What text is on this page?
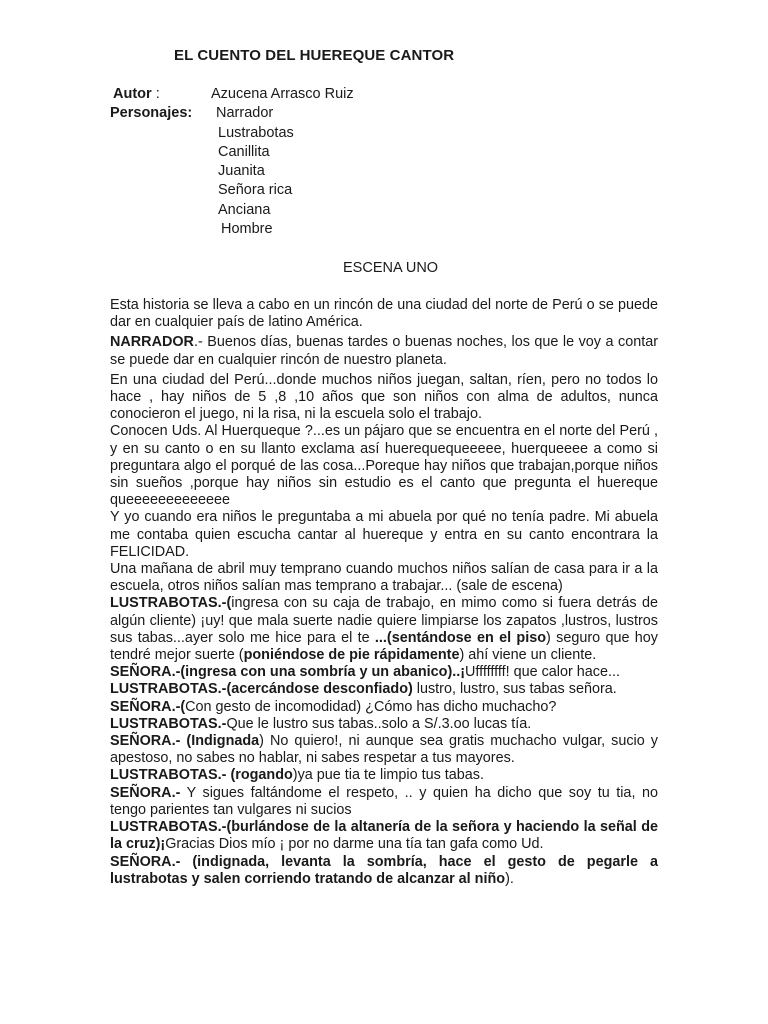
EL CUENTO DEL HUEREQUE CANTOR
Autor :	Azucena Arrasco Ruiz
Personajes: Narrador
Lustrabotas
Canillita
Juanita
Señora rica
Anciana
Hombre
ESCENA UNO

Esta historia se lleva a cabo en un rincón de una ciudad del norte de Perú o se puede dar en cualquier país de latino América.

NARRADOR.- Buenos días, buenas tardes o buenas noches, los que le voy a contar se puede dar en cualquier rincón de nuestro planeta.

En una ciudad del Perú...donde muchos niños juegan, saltan, ríen, pero no todos lo hace , hay niños de 5 ,8 ,10 años que son niños con alma de adultos, nunca conocieron el juego, ni la risa, ni la escuela solo el trabajo.

Conocen Uds. Al Huerqueque ?...es un pájaro que se encuentra en el norte del Perú , y en su canto o en su llanto exclama así huerequequeeeee, huerqueeee a como si preguntara algo el porqué de las cosa...Poreque hay niños que trabajan,porque niños sin sueños ,porque hay niños sin estudio es el canto que pregunta el huereque queeeeeeeeeeeee

Y yo cuando era niños le preguntaba a mi abuela por qué no tenía padre. Mi abuela me contaba quien escucha cantar al huereque y entra en su canto encontrara la FELICIDAD.

Una mañana de abril muy temprano cuando muchos niños salían de casa para ir a la escuela, otros niños salían mas temprano a trabajar... (sale de escena)

LUSTRABOTAS.-(ingresa con su caja de trabajo, en mimo como si fuera detrás de algún cliente) ¡uy! que mala suerte nadie quiere limpiarse los zapatos ,lustros, lustros sus tabas...ayer solo me hice para el te ...(sentándose en el piso) seguro que hoy tendré mejor suerte (poniéndose de pie rápidamente) ahí viene un cliente.

SEÑORA.-(ingresa con una sombría y un abanico)..¡Uffffffff! que calor hace...

LUSTRABOTAS.-(acercándose desconfiado) lustro, lustro, sus tabas señora.

SEÑORA.-(Con gesto de incomodidad) ¿Cómo has dicho muchacho?

LUSTRABOTAS.-Que le lustro sus tabas..solo a S/.3.oo lucas tía.

SEÑORA.- (Indignada) No quiero!, ni aunque sea gratis muchacho vulgar, sucio y apestoso, no sabes no hablar, ni sabes respetar a tus mayores.

LUSTRABOTAS.- (rogando)ya pue tia te limpio tus tabas.

SEÑORA.- Y sigues faltándome el respeto, .. y quien ha dicho que soy tu tia, no tengo parientes tan vulgares ni sucios

LUSTRABOTAS.-(burlándose de la altanería de la señora y haciendo la señal de la cruz)¡Gracias Dios mío ¡ por no darme una tía tan gafa como Ud.

SEÑORA.- (indignada, levanta la sombría, hace el gesto de pegarle a lustrabotas y salen corriendo tratando de alcanzar al niño).
